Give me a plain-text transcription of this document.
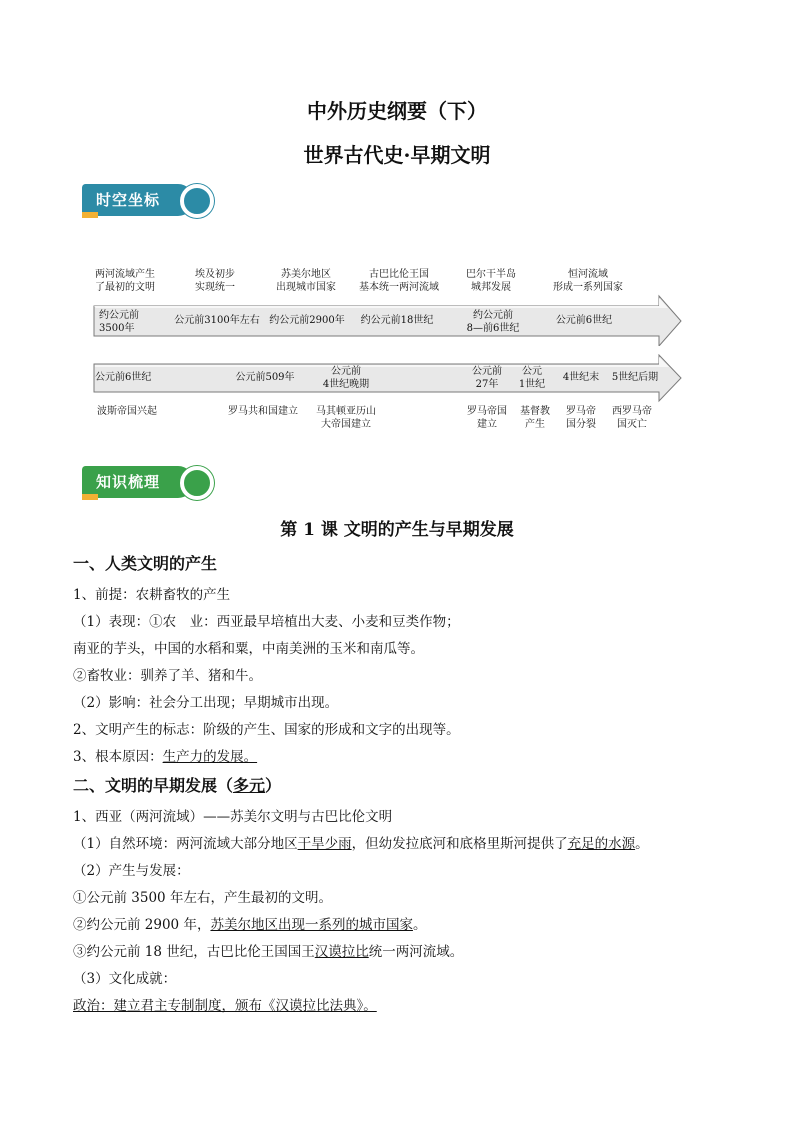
中外历史纲要（下）
世界古代史·早期文明
时空坐标
两河流域产生
了最初的文明
埃及初步
实现统一
苏美尔地区
出现城市国家
古巴比伦王国
基本统一两河流域
巴尔干半岛
城邦发展
恒河流域
形成一系列国家
约公元前
3500年
公元前3100年左右 约公元前2900年	约公元前18世纪	约公元前
8—前6世纪
公元前6世纪
公元前6世纪	公元前509年
公元前
4世纪晚期
公元前
27年
公元
1世纪
4世纪末	5世纪后期
波斯帝国兴起	罗马共和国建立	马其顿亚历山
大帝国建立
罗马帝国
建立
基督教
产生
罗马帝
国分裂
西罗马帝
国灭亡
知识梳理
第 1 课 文明的产生与早期发展
一、人类文明的产生
1、前提：农耕畜牧的产生
（1）表现：①农　业：西亚最早培植出大麦、小麦和豆类作物；
南亚的芋头，中国的水稻和粟，中南美洲的玉米和南瓜等。
②畜牧业：驯养了羊、猪和牛。
（2）影响：社会分工出现；早期城市出现。
2、文明产生的标志：阶级的产生、国家的形成和文字的出现等。
3、根本原因：生产力的发展。
二、文明的早期发展（多元）
1、西亚（两河流域）——苏美尔文明与古巴比伦文明
（1）自然环境：两河流域大部分地区干旱少雨，但幼发拉底河和底格里斯河提供了充足的水源。
（2）产生与发展：
①公元前 3500 年左右，产生最初的文明。
②约公元前 2900 年，苏美尔地区出现一系列的城市国家。
③约公元前 18 世纪，古巴比伦王国国王汉谟拉比统一两河流域。
（3）文化成就：
政治：建立君主专制制度，颁布《汉谟拉比法典》。
